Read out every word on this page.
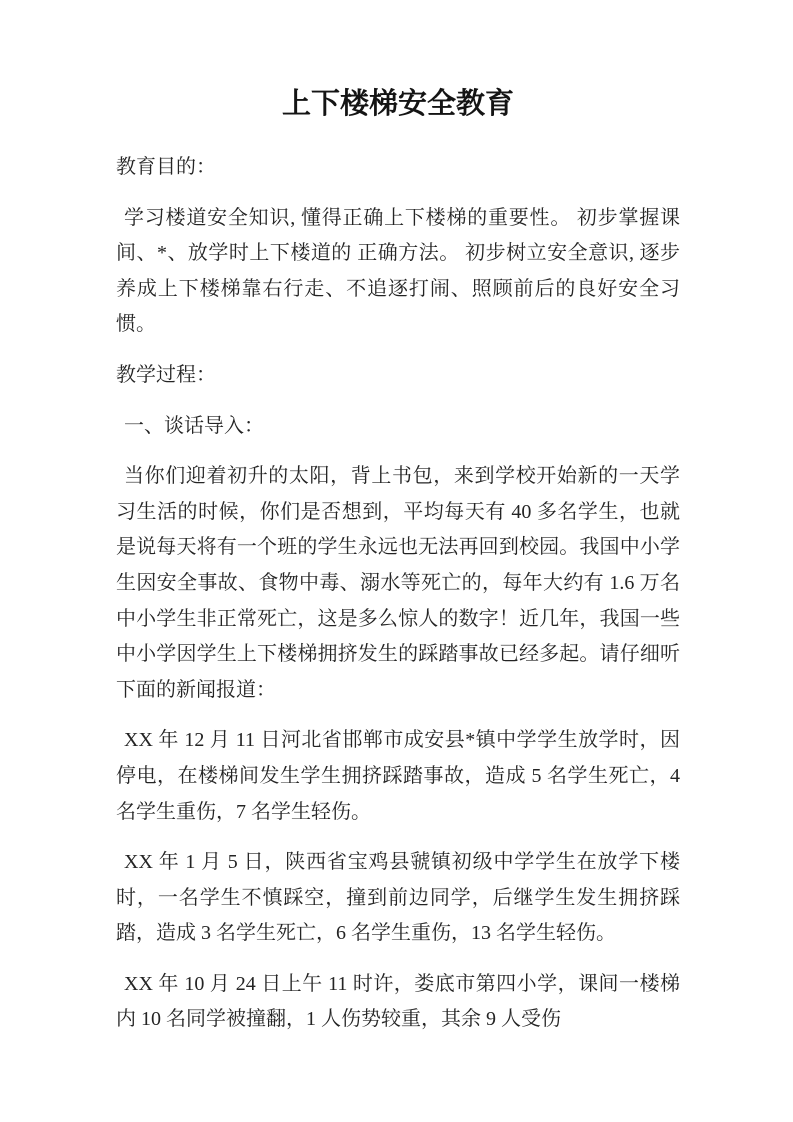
上下楼梯安全教育

教育目的：

学习楼道安全知识, 懂得正确上下楼梯的重要性。 初步掌握课间、*、放学时上下楼道的 正确方法。 初步树立安全意识, 逐步养成上下楼梯靠右行走、不追逐打闹、照顾前后的良好安全习惯。

教学过程：

一、谈话导入：

当你们迎着初升的太阳，背上书包，来到学校开始新的一天学习生活的时候，你们是否想到，平均每天有 40 多名学生，也就是说每天将有一个班的学生永远也无法再回到校园。我国中小学生因安全事故、食物中毒、溺水等死亡的，每年大约有 1.6 万名中小学生非正常死亡，这是多么惊人的数字！近几年，我国一些中小学因学生上下楼梯拥挤发生的踩踏事故已经多起。请仔细听下面的新闻报道：

XX 年 12 月 11 日河北省邯郸市成安县*镇中学学生放学时，因停电，在楼梯间发生学生拥挤踩踏事故，造成 5 名学生死亡，4 名学生重伤，7 名学生轻伤。

XX 年 1 月 5 日，陕西省宝鸡县虢镇初级中学学生在放学下楼时，一名学生不慎踩空，撞到前边同学，后继学生发生拥挤踩踏，造成 3 名学生死亡，6 名学生重伤，13 名学生轻伤。

XX 年 10 月 24 日上午 11 时许，娄底市第四小学，课间一楼梯内 10 名同学被撞翻，1 人伤势较重，其余 9 人受伤
